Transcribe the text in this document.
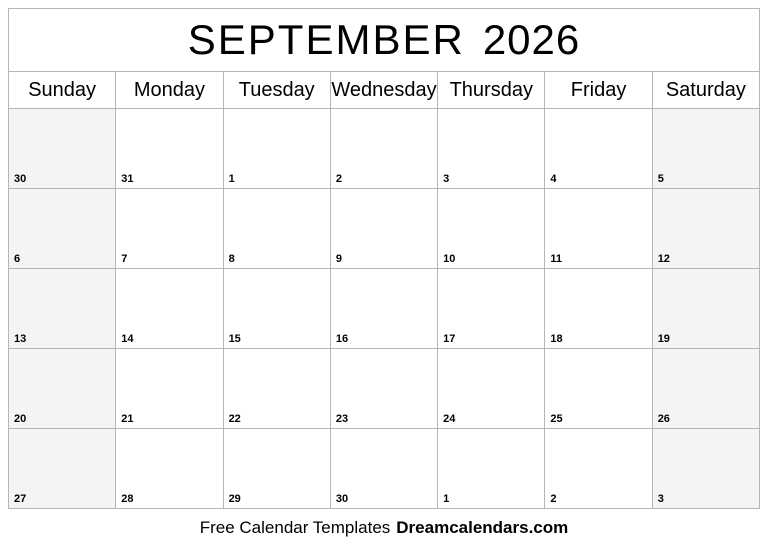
SEPTEMBER 2026						

Sunday	Monday	Tuesday	Wednesday	Thursday	Friday	Saturday

30	31	1	2	3	4	5

6	7	8	9	10	11	12

13	14	15	16	17	18	19

20	21	22	23	24	25	26

27	28	29	30	1	2	3
Free Calendar Templates Dreamcalendars.com
